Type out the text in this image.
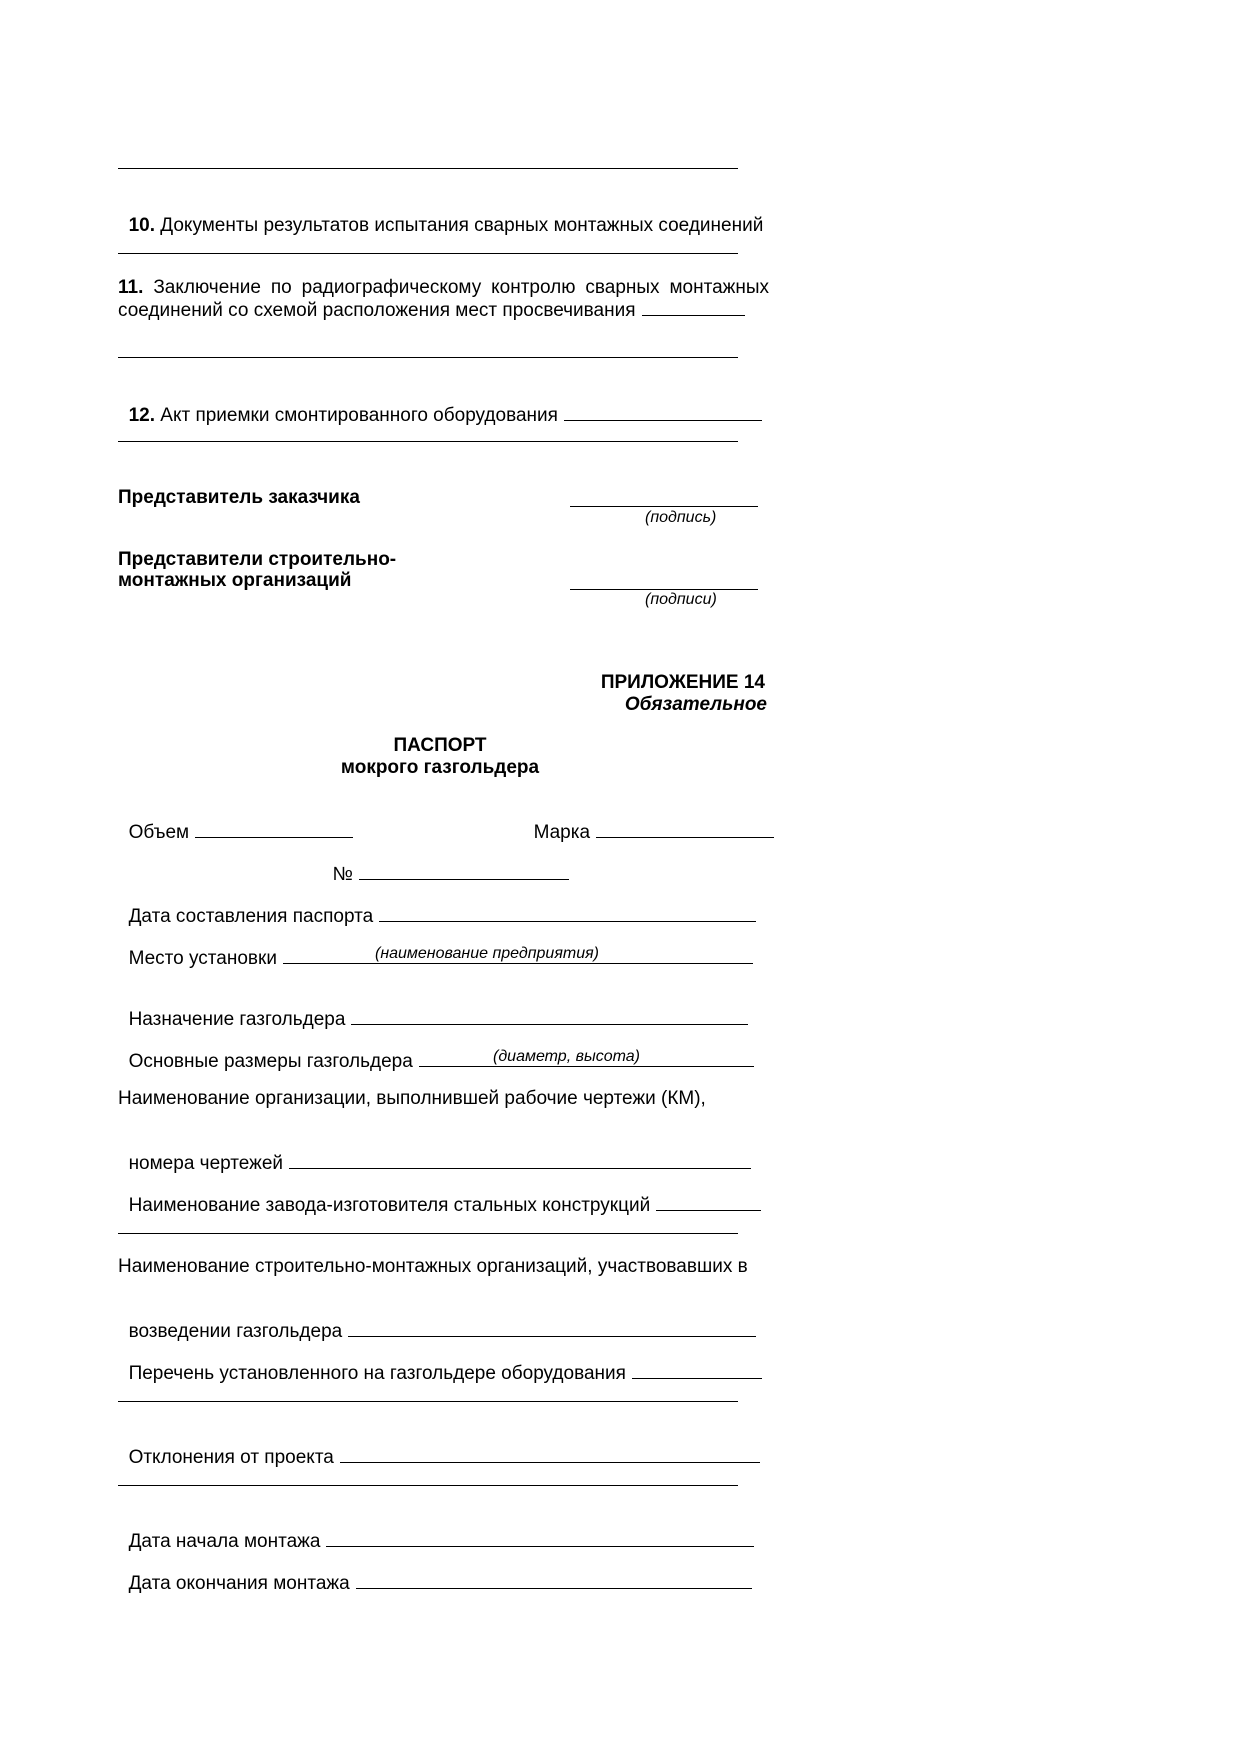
10. Документы результатов испытания сварных монтажных соединений

11. Заключение по радиографическому контролю сварных монтажных соединений со схемой расположения мест просвечивания

12. Акт приемки смонтированного оборудования

Представитель заказчика
(подпись)
Представители строительно-
монтажных организаций
(подписи)
ПРИЛОЖЕНИЕ 14
Обязательное
ПАСПОРТ
мокрого газгольдера

Объем	Марка

№

Дата составления паспорта

Место установки	(наименование предприятия)

Назначение газгольдера

Основные размеры газгольдера	(диаметр, высота)
Наименование организации, выполнившей рабочие чертежи (КМ),

номера чертежей

Наименование завода-изготовителя стальных конструкций

Наименование строительно-монтажных организаций, участвовавших в

возведении газгольдера

Перечень установленного на газгольдере оборудования

Отклонения от проекта

Дата начала монтажа

Дата окончания монтажа
